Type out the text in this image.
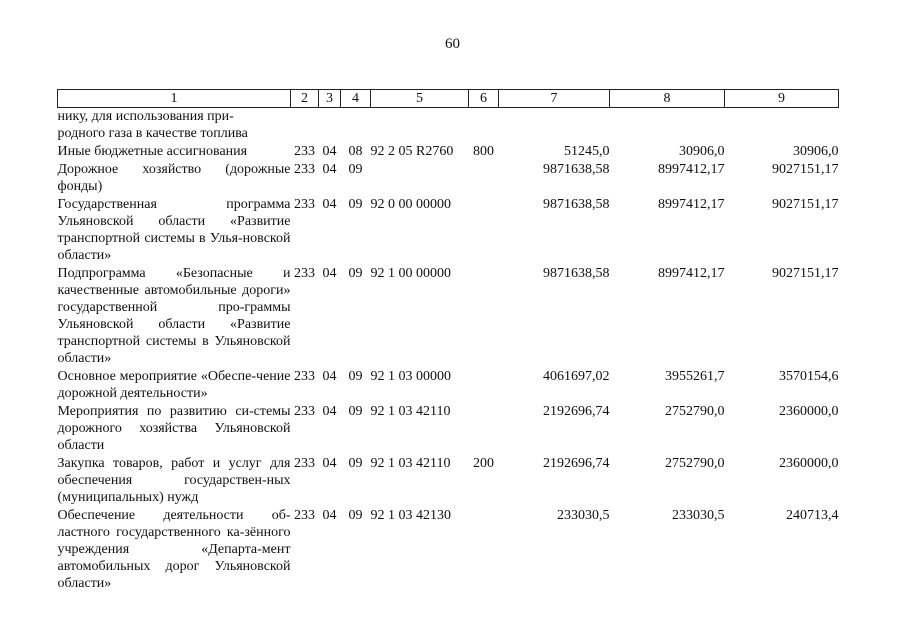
60
1	2	3	4	5	6	7	8	9
нику, для использования при-
родного газа в качестве топлива								
Иные бюджетные ассигнования	233	04	08	92 2 05 R2760	800	51245,0	30906,0	30906,0
Дорожное хозяйство (дорожные фонды)	233	04	09			9871638,58	8997412,17	9027151,17
Государственная программа Ульяновской области «Развитие транспортной системы в Улья-новской области»	233	04	09	92 0 00 00000		9871638,58	8997412,17	9027151,17
Подпрограмма «Безопасные и качественные автомобильные дороги» государственной про-граммы Ульяновской области «Развитие транспортной системы в Ульяновской области»	233	04	09	92 1 00 00000		9871638,58	8997412,17	9027151,17
Основное мероприятие «Обеспе-чение дорожной деятельности»	233	04	09	92 1 03 00000		4061697,02	3955261,7	3570154,6
Мероприятия по развитию си-стемы дорожного хозяйства Ульяновской области	233	04	09	92 1 03 42110		2192696,74	2752790,0	2360000,0
Закупка товаров, работ и услуг для обеспечения государствен-ных (муниципальных) нужд	233	04	09	92 1 03 42110	200	2192696,74	2752790,0	2360000,0
Обеспечение деятельности об-ластного государственного ка-зённого учреждения «Департа-мент автомобильных дорог Ульяновской области»	233	04	09	92 1 03 42130		233030,5	233030,5	240713,4
